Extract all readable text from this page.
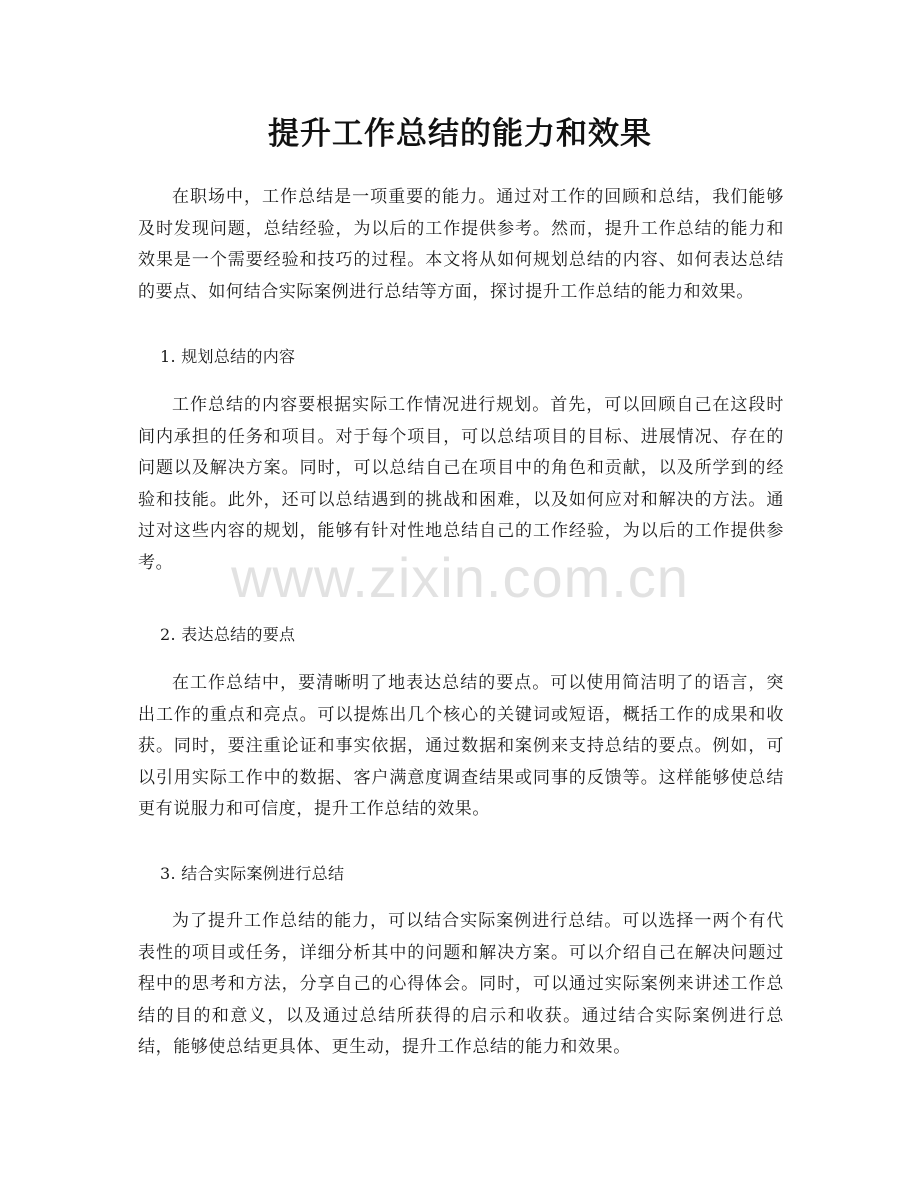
提升工作总结的能力和效果

在职场中，工作总结是一项重要的能力。通过对工作的回顾和总结，我们能够及时发现问题，总结经验，为以后的工作提供参考。然而，提升工作总结的能力和效果是一个需要经验和技巧的过程。本文将从如何规划总结的内容、如何表达总结的要点、如何结合实际案例进行总结等方面，探讨提升工作总结的能力和效果。

1. 规划总结的内容

工作总结的内容要根据实际工作情况进行规划。首先，可以回顾自己在这段时间内承担的任务和项目。对于每个项目，可以总结项目的目标、进展情况、存在的问题以及解决方案。同时，可以总结自己在项目中的角色和贡献，以及所学到的经验和技能。此外，还可以总结遇到的挑战和困难，以及如何应对和解决的方法。通过对这些内容的规划，能够有针对性地总结自己的工作经验，为以后的工作提供参考。

2. 表达总结的要点

在工作总结中，要清晰明了地表达总结的要点。可以使用简洁明了的语言，突出工作的重点和亮点。可以提炼出几个核心的关键词或短语，概括工作的成果和收获。同时，要注重论证和事实依据，通过数据和案例来支持总结的要点。例如，可以引用实际工作中的数据、客户满意度调查结果或同事的反馈等。这样能够使总结更有说服力和可信度，提升工作总结的效果。

3. 结合实际案例进行总结

为了提升工作总结的能力，可以结合实际案例进行总结。可以选择一两个有代表性的项目或任务，详细分析其中的问题和解决方案。可以介绍自己在解决问题过程中的思考和方法，分享自己的心得体会。同时，可以通过实际案例来讲述工作总结的目的和意义，以及通过总结所获得的启示和收获。通过结合实际案例进行总结，能够使总结更具体、更生动，提升工作总结的能力和效果。

www.zixin.com.cn
